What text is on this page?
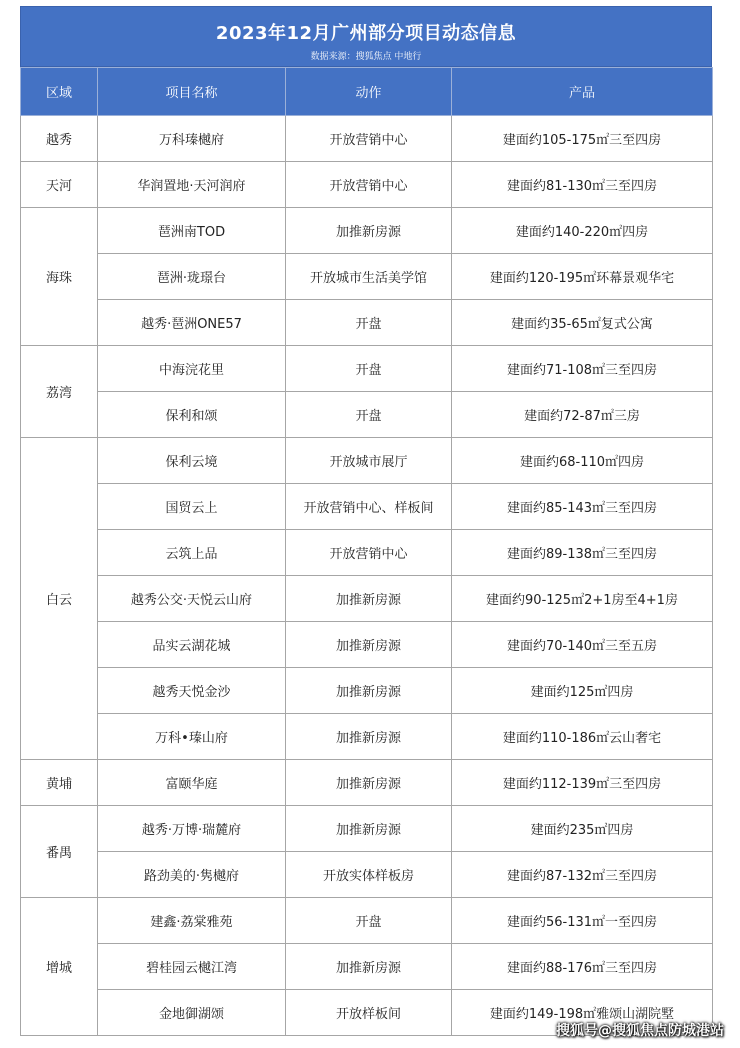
2023年12月广州部分项目动态信息
数据来源：搜狐焦点 中地行
区域	项目名称	动作	产品
越秀	万科瑧樾府	开放营销中心	建面约105-175㎡三至四房
天河	华润置地·天河润府	开放营销中心	建面约81-130㎡三至四房
海珠	琶洲南TOD	加推新房源	建面约140-220㎡四房
	琶洲·珑璟台	开放城市生活美学馆	建面约120-195㎡环幕景观华宅
	越秀·琶洲ONE57	开盘	建面约35-65㎡复式公寓
荔湾	中海浣花里	开盘	建面约71-108㎡三至四房
	保利和颂	开盘	建面约72-87㎡三房
白云	保利云境	开放城市展厅	建面约68-110㎡四房
	国贸云上	开放营销中心、样板间	建面约85-143㎡三至四房
	云筑上品	开放营销中心	建面约89-138㎡三至四房
	越秀公交·天悦云山府	加推新房源	建面约90-125㎡2+1房至4+1房
	品实云湖花城	加推新房源	建面约70-140㎡三至五房
	越秀天悦金沙	加推新房源	建面约125㎡四房
	万科•瑧山府	加推新房源	建面约110-186㎡云山奢宅
黄埔	富颐华庭	加推新房源	建面约112-139㎡三至四房
番禺	越秀·万博·瑞麓府	加推新房源	建面约235㎡四房
	路劲美的·隽樾府	开放实体样板房	建面约87-132㎡三至四房
增城	建鑫·荔棠雅苑	开盘	建面约56-131㎡一至四房
	碧桂园云樾江湾	加推新房源	建面约88-176㎡三至四房
	金地御湖颂	开放样板间	建面约149-198㎡雅颂山湖院墅
搜狐号@搜狐焦点防城港站
